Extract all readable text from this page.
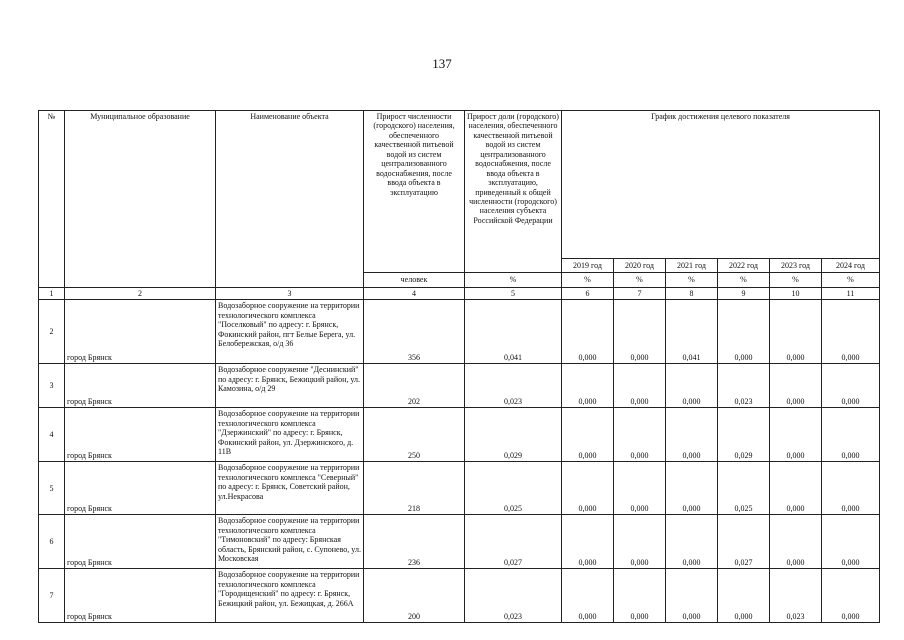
137
№	Муниципальное образование	Наименование объекта	Прирост численности (городского) населения, обеспеченного качественной питьевой водой из систем централизованного водоснабжения, после ввода объекта в эксплуатацию	Прирост доли (городского) населения, обеспеченного качественной питьевой водой из систем централизованного водоснабжения, после ввода объекта в эксплуатацию, приведенный к общей численности (городского) населения субъекта Российской Федерации	График достижения целевого показателя					
					2019 год	2020 год	2021 год	2022 год	2023 год	2024 год
			человек	%	%	%	%	%	%	%
1	2	3	4	5	6	7	8	9	10	11
2	город Брянск	Водозаборное сооружение на территории технологического комплекса "Поселковый" по адресу: г. Брянск, Фокинский район, пгт Белые Берега, ул. Белобережская, о/д 36	356	0,041	0,000	0,000	0,041	0,000	0,000	0,000
3	город Брянск	Водозаборное сооружение "Деснинский" по адресу: г. Брянск, Бежицкий район, ул. Камозина, о/д 29	202	0,023	0,000	0,000	0,000	0,023	0,000	0,000
4	город Брянск	Водозаборное сооружение на территории технологического комплекса "Дзержинский" по адресу: г. Брянск, Фокинский район, ул. Дзержинского, д. 11В	250	0,029	0,000	0,000	0,000	0,029	0,000	0,000
5	город Брянск	Водозаборное сооружение на территории технологического комплекса "Северный" по адресу: г. Брянск, Советский район, ул.Некрасова	218	0,025	0,000	0,000	0,000	0,025	0,000	0,000
6	город Брянск	Водозаборное сооружение на территории технологического комплекса "Тимоновский" по адресу: Брянская область, Брянский район, с. Супонево, ул. Московская	236	0,027	0,000	0,000	0,000	0,027	0,000	0,000
7	город Брянск	Водозаборное сооружение на территории технологического комплекса "Городищенский" по адресу: г. Брянск, Бежицкий район, ул. Бежицкая, д. 266А	200	0,023	0,000	0,000	0,000	0,000	0,023	0,000
